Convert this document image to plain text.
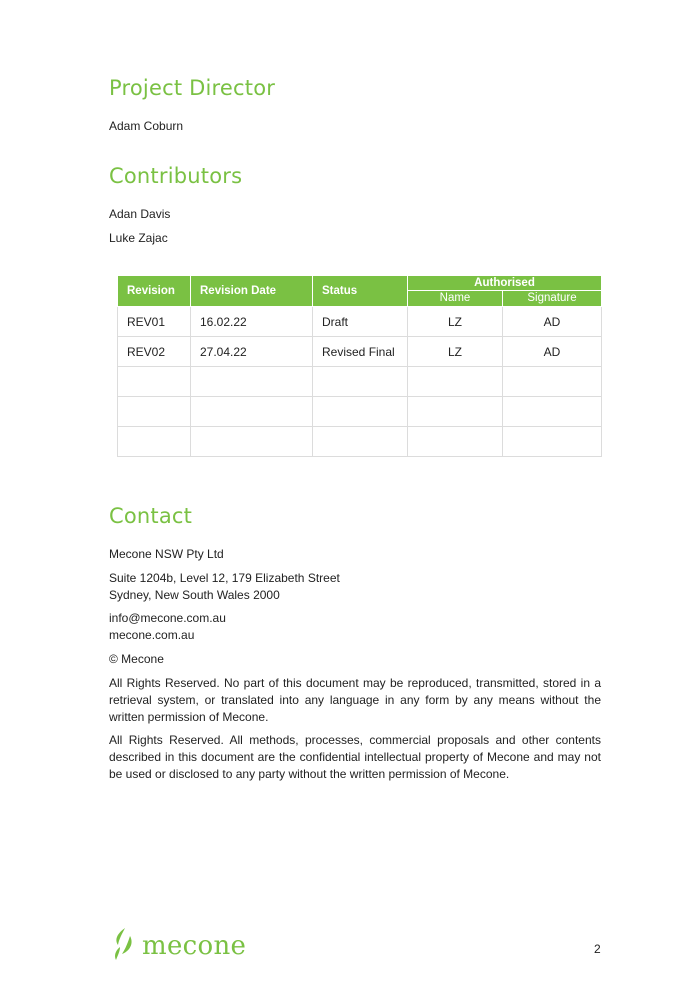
Project Director

Adam Coburn

Contributors

Adan Davis

Luke Zajac

Revision	Revision Date	Status	Authorised	
			Name	Signature
REV01	16.02.22	Draft	LZ	AD
REV02	27.04.22	Revised Final	LZ	AD

Contact

Mecone NSW Pty Ltd

Suite 1204b, Level 12, 179 Elizabeth Street

Sydney, New South Wales 2000

info@mecone.com.au

mecone.com.au

© Mecone

All Rights Reserved. No part of this document may be reproduced, transmitted, stored in a retrieval system, or translated into any language in any form by any means without the written permission of Mecone.

All Rights Reserved. All methods, processes, commercial proposals and other contents described in this document are the confidential intellectual property of Mecone and may not be used or disclosed to any party without the written permission of Mecone.

mecone	2
